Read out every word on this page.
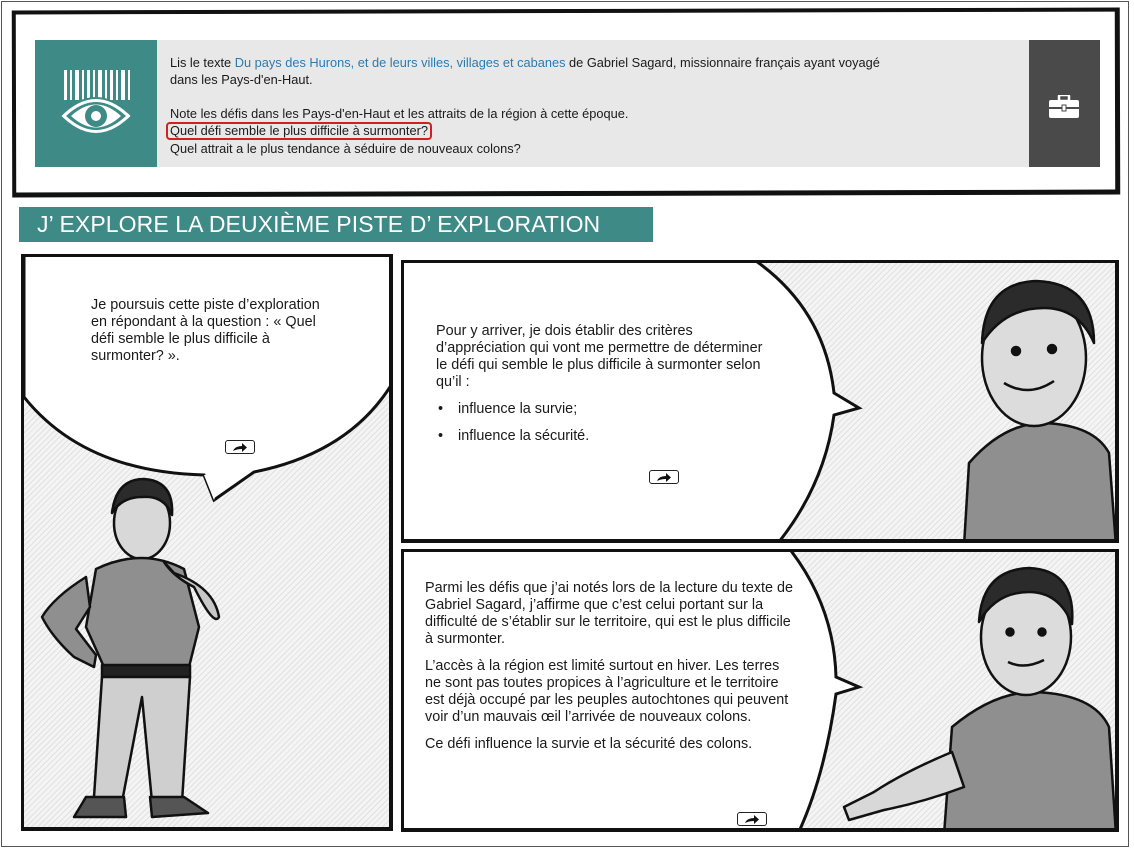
Lis le texte Du pays des Hurons, et de leurs villes, villages et cabanes de Gabriel Sagard, missionnaire français ayant voyagé

dans les Pays-d'en-Haut.

Note les défis dans les Pays-d'en-Haut et les attraits de la région à cette époque.

Quel défi semble le plus difficile à surmonter?

Quel attrait a le plus tendance à séduire de nouveaux colons?

J’ EXPLORE LA DEUXIÈME PISTE D’ EXPLORATION
Je poursuis cette piste d’exploration en répondant à la question : « Quel défi semble le plus difficile à surmonter? ».

Pour y arriver, je dois établir des critères d’appréciation qui vont me permettre de déterminer le défi qui semble le plus difficile à surmonter selon qu’il :

• influence la survie;
• influence la sécurité.

Parmi les défis que j’ai notés lors de la lecture du texte de Gabriel Sagard, j’affirme que c’est celui portant sur la difficulté de s’établir sur le territoire, qui est le plus difficile à surmonter.

L’accès à la région est limité surtout en hiver. Les terres ne sont pas toutes propices à l’agriculture et le territoire est déjà occupé par les peuples autochtones qui peuvent voir d’un mauvais œil l’arrivée de nouveaux colons.

Ce défi influence la survie et la sécurité des colons.
